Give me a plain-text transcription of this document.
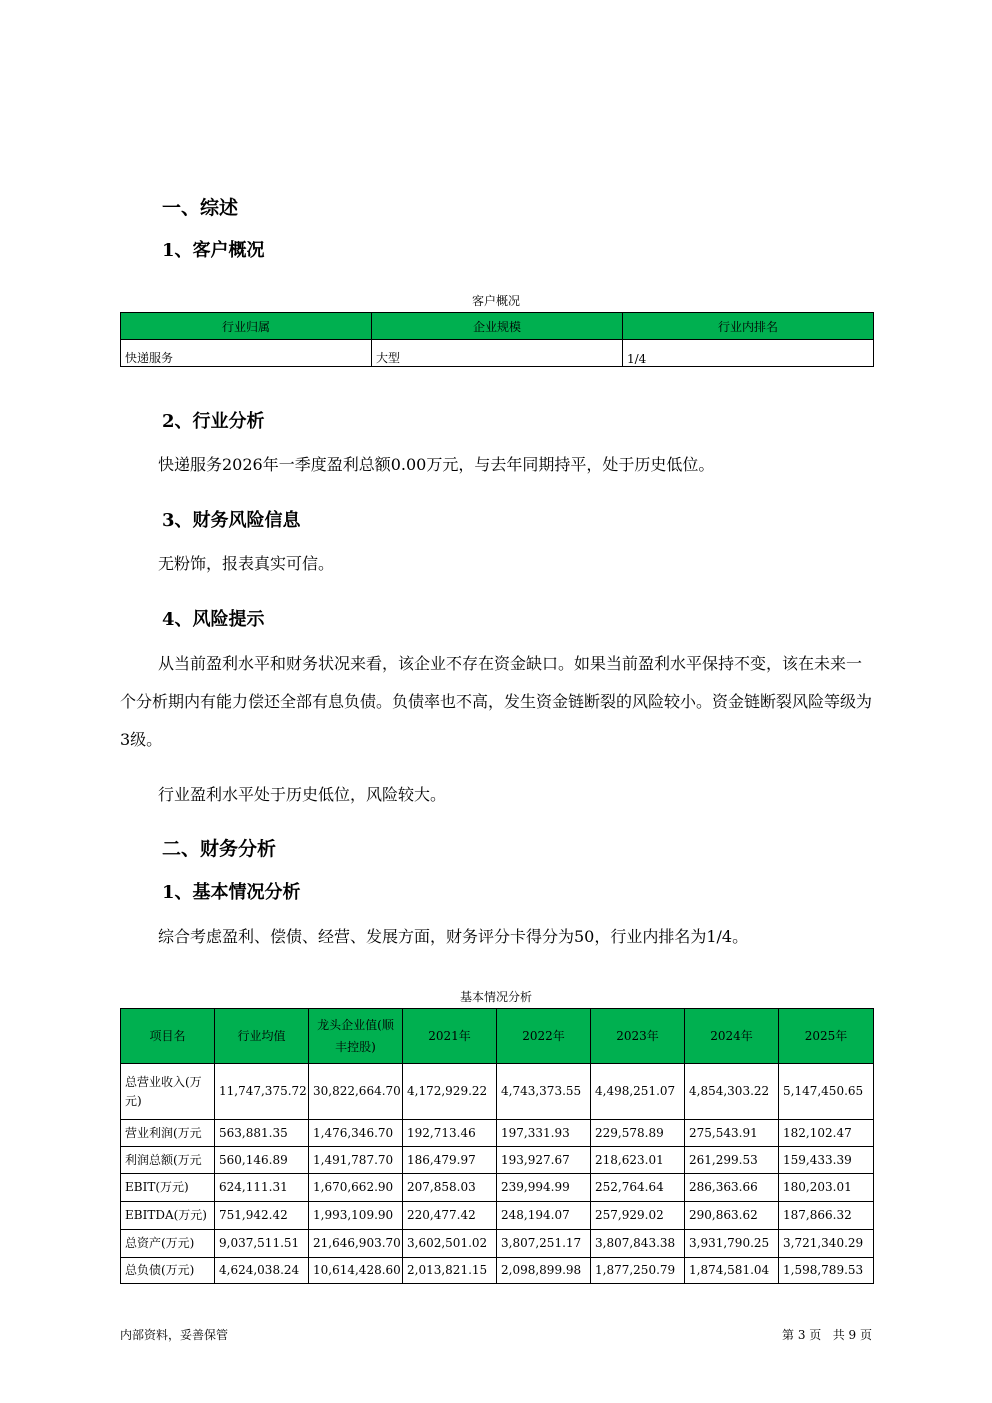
一、综述
1、客户概况
客户概况
行业归属	企业规模	行业内排名
快递服务	大型	1/4
2、行业分析

快递服务2026年一季度盈利总额0.00万元，与去年同期持平，处于历史低位。

3、财务风险信息

无粉饰，报表真实可信。

4、风险提示

从当前盈利水平和财务状况来看，该企业不存在资金缺口。如果当前盈利水平保持不变，该在未来一个分析期内有能力偿还全部有息负债。负债率也不高，发生资金链断裂的风险较小。资金链断裂风险等级为3级。

行业盈利水平处于历史低位，风险较大。

二、财务分析
1、基本情况分析

综合考虑盈利、偿债、经营、发展方面，财务评分卡得分为50，行业内排名为1/4。

基本情况分析
项目名	行业均值	龙头企业值(顺丰控股)	2021年	2022年	2023年	2024年	2025年
总营业收入(万元)	11,747,375.72	30,822,664.70	4,172,929.22	4,743,373.55	4,498,251.07	4,854,303.22	5,147,450.65
营业利润(万元	563,881.35	1,476,346.70	192,713.46	197,331.93	229,578.89	275,543.91	182,102.47
利润总额(万元	560,146.89	1,491,787.70	186,479.97	193,927.67	218,623.01	261,299.53	159,433.39
EBIT(万元)	624,111.31	1,670,662.90	207,858.03	239,994.99	252,764.64	286,363.66	180,203.01
EBITDA(万元)	751,942.42	1,993,109.90	220,477.42	248,194.07	257,929.02	290,863.62	187,866.32
总资产(万元)	9,037,511.51	21,646,903.70	3,602,501.02	3,807,251.17	3,807,843.38	3,931,790.25	3,721,340.29
总负债(万元)	4,624,038.24	10,614,428.60	2,013,821.15	2,098,899.98	1,877,250.79	1,874,581.04	1,598,789.53
内部资料，妥善保管	第 3 页   共 9 页
